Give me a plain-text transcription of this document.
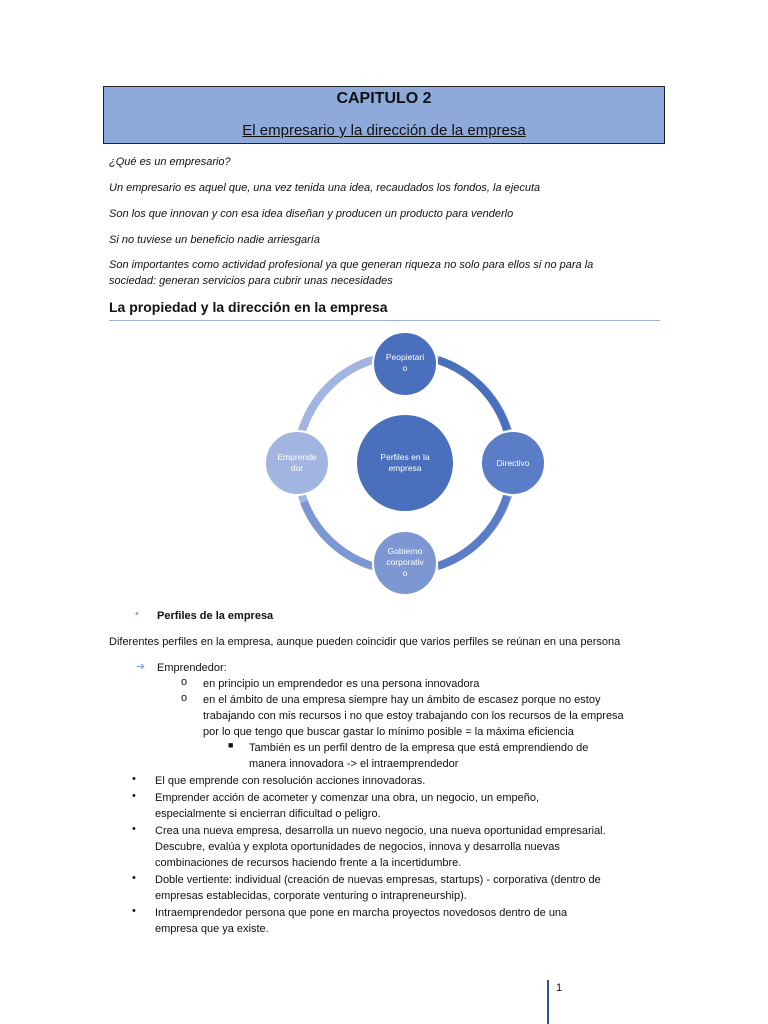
CAPITULO 2
El empresario y la dirección de la empresa
¿Qué es un empresario?
Un empresario es aquel que, una vez tenida una idea, recaudados los fondos, la ejecuta
Son los que innovan y con esa idea diseñan y producen un producto para venderlo
Si no tuviese un beneficio nadie arriesgaría
Son importantes como actividad profesional ya que generan riqueza no solo para ellos si no para la
sociedad: generan servicios para cubrir unas necesidades
La propiedad y la dirección en la empresa
Perfiles en la
empresa
Peopietari
o
Directivo
Gobierno
corporativ
o
Emprende
dor
• Perfiles de la empresa
Diferentes perfiles en la empresa, aunque pueden coincidir que varios perfiles se reúnan en una persona
➔ Emprendedor:
o en principio un emprendedor es una persona innovadora
o en el ámbito de una empresa siempre hay un ámbito de escasez porque no estoy
trabajando con mis recursos i no que estoy trabajando con los recursos de la empresa
por lo que tengo que buscar gastar lo mínimo posible = la máxima eficiencia
■ También es un perfil dentro de la empresa que está emprendiendo de
manera innovadora -> el intraemprendedor
• El que emprende con resolución acciones innovadoras.
• Emprender acción de acometer y comenzar una obra, un negocio, un empeño,
especialmente si encierran dificultad o peligro.
• Crea una nueva empresa, desarrolla un nuevo negocio, una nueva oportunidad empresarial.
Descubre, evalúa y explota oportunidades de negocios, innova y desarrolla nuevas
combinaciones de recursos haciendo frente a la incertidumbre.
• Doble vertiente: individual (creación de nuevas empresas, startups) - corporativa (dentro de
empresas establecidas, corporate venturing o intrapreneurship).
• Intraemprendedor persona que pone en marcha proyectos novedosos dentro de una
empresa que ya existe.
1
